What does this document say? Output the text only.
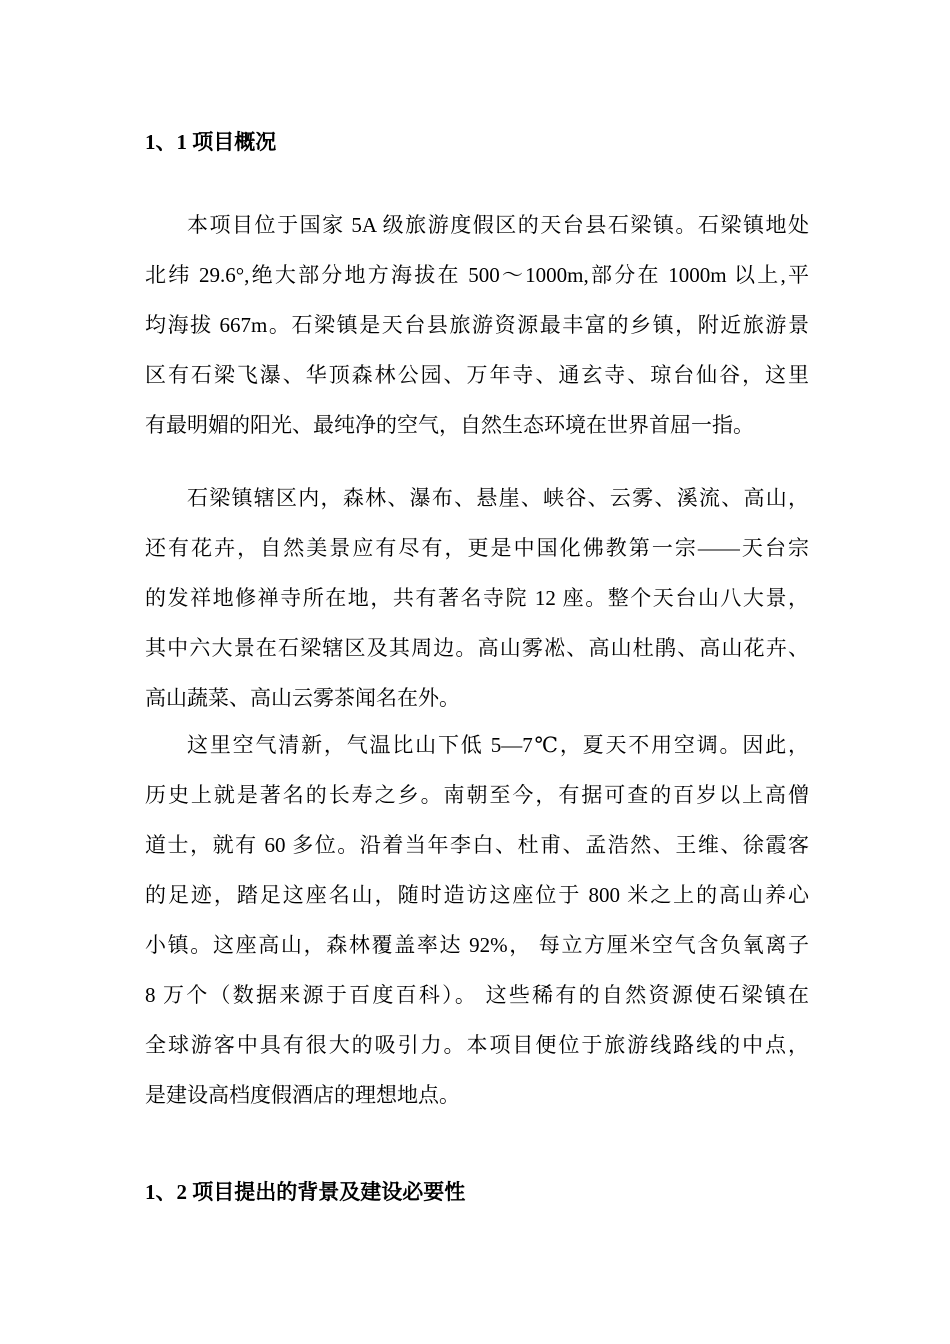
1、1 项目概况
本项目位于国家 5A 级旅游度假区的天台县石梁镇。石梁镇地处
北纬 29.6°,绝大部分地方海拔在 500～1000m,部分在 1000m 以上,平
均海拔 667m。石梁镇是天台县旅游资源最丰富的乡镇，附近旅游景
区有石梁飞瀑、华顶森林公园、万年寺、通玄寺、琼台仙谷，这里
有最明媚的阳光、最纯净的空气，自然生态环境在世界首屈一指。
石梁镇辖区内，森林、瀑布、悬崖、峡谷、云雾、溪流、高山，
还有花卉，自然美景应有尽有，更是中国化佛教第一宗——天台宗
的发祥地修禅寺所在地，共有著名寺院 12 座。整个天台山八大景，
其中六大景在石梁辖区及其周边。高山雾凇、高山杜鹃、高山花卉、
高山蔬菜、高山云雾茶闻名在外。
这里空气清新，气温比山下低 5—7℃，夏天不用空调。因此，
历史上就是著名的长寿之乡。南朝至今，有据可查的百岁以上高僧
道士，就有 60 多位。沿着当年李白、杜甫、孟浩然、王维、徐霞客
的足迹，踏足这座名山，随时造访这座位于 800 米之上的高山养心
小镇。这座高山，森林覆盖率达 92%， 每立方厘米空气含负氧离子
8 万个（数据来源于百度百科）。 这些稀有的自然资源使石梁镇在
全球游客中具有很大的吸引力。本项目便位于旅游线路线的中点，
是建设高档度假酒店的理想地点。
1、2 项目提出的背景及建设必要性
